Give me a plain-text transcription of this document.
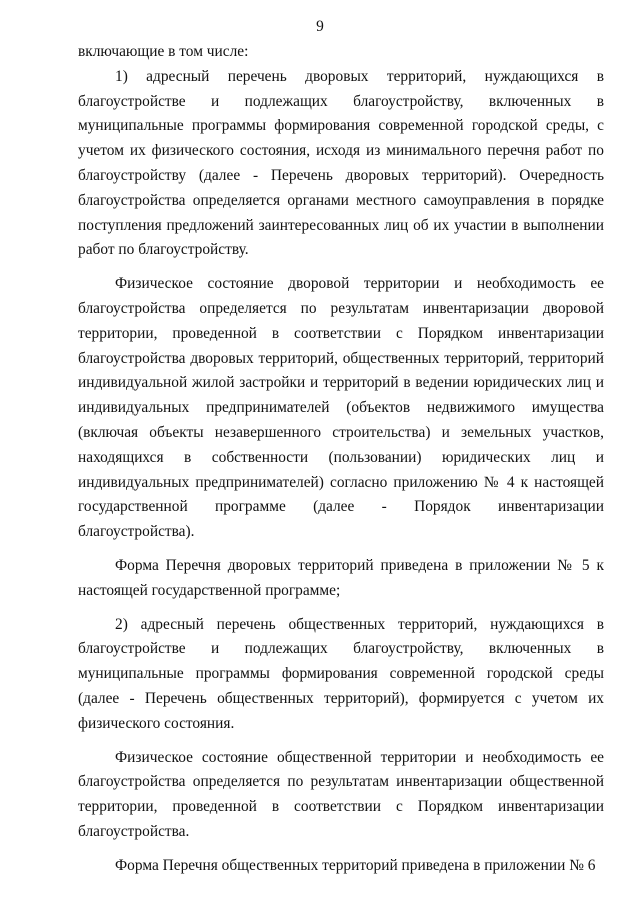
9

включающие в том числе:

1) адресный перечень дворовых территорий, нуждающихся в благоустройстве и подлежащих благоустройству, включенных в муниципальные программы формирования современной городской среды, с учетом их физического состояния, исходя из минимального перечня работ по благоустройству (далее - Перечень дворовых территорий). Очередность благоустройства определяется органами местного самоуправления в порядке поступления предложений заинтересованных лиц об их участии в выполнении работ по благоустройству.

Физическое состояние дворовой территории и необходимость ее благоустройства определяется по результатам инвентаризации дворовой территории, проведенной в соответствии с Порядком инвентаризации благоустройства дворовых территорий, общественных территорий, территорий индивидуальной жилой застройки и территорий в ведении юридических лиц и индивидуальных предпринимателей (объектов недвижимого имущества (включая объекты незавершенного строительства) и земельных участков, находящихся в собственности (пользовании) юридических лиц и индивидуальных предпринимателей) согласно приложению № 4 к настоящей государственной программе (далее - Порядок инвентаризации благоустройства).

Форма Перечня дворовых территорий приведена в приложении № 5 к настоящей государственной программе;

2) адресный перечень общественных территорий, нуждающихся в благоустройстве и подлежащих благоустройству, включенных в муниципальные программы формирования современной городской среды (далее - Перечень общественных территорий), формируется с учетом их физического состояния.

Физическое состояние общественной территории и необходимость ее благоустройства определяется по результатам инвентаризации общественной территории, проведенной в соответствии с Порядком инвентаризации благоустройства.

Форма Перечня общественных территорий приведена в приложении № 6
